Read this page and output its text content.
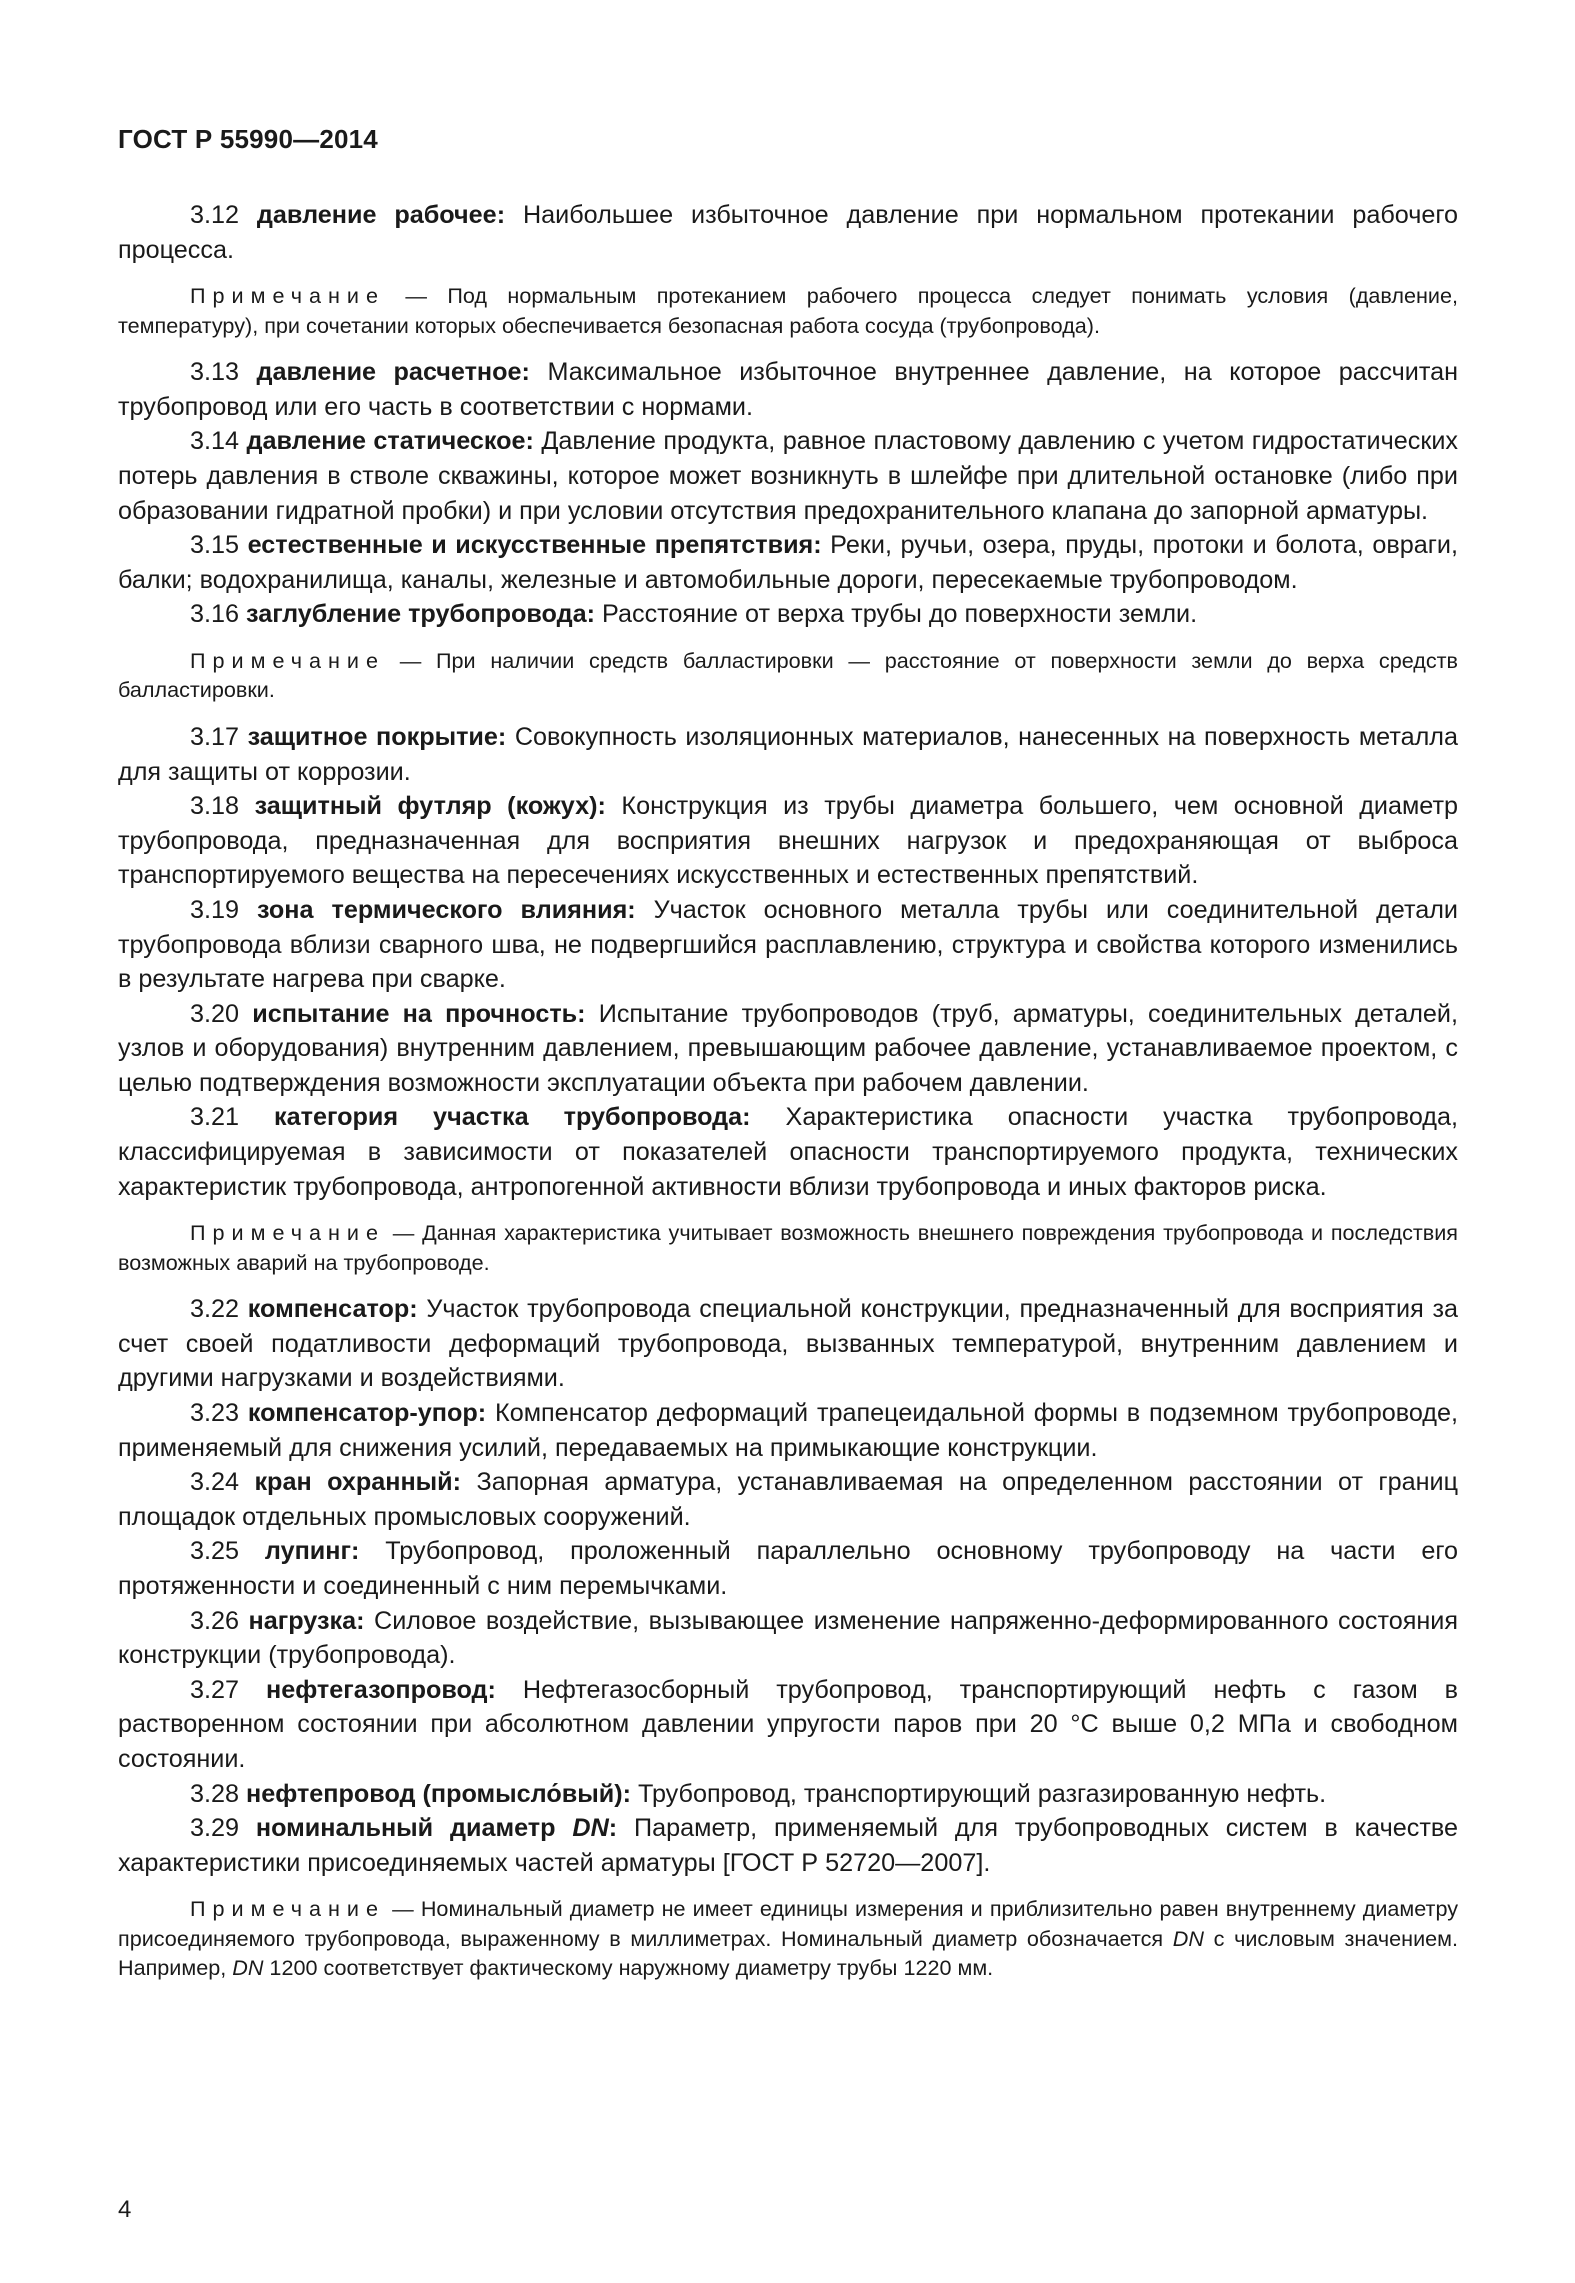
ГОСТ Р 55990—2014

3.12 давление рабочее: Наибольшее избыточное давление при нормальном протекании рабочего процесса.

Примечание — Под нормальным протеканием рабочего процесса следует понимать условия (давление, температуру), при сочетании которых обеспечивается безопасная работа сосуда (трубопровода).

3.13 давление расчетное: Максимальное избыточное внутреннее давление, на которое рассчитан трубопровод или его часть в соответствии с нормами.

3.14 давление статическое: Давление продукта, равное пластовому давлению с учетом гидростатических потерь давления в стволе скважины, которое может возникнуть в шлейфе при длительной остановке (либо при образовании гидратной пробки) и при условии отсутствия предохранительного клапана до запорной арматуры.

3.15 естественные и искусственные препятствия: Реки, ручьи, озера, пруды, протоки и болота, овраги, балки; водохранилища, каналы, железные и автомобильные дороги, пересекаемые трубопроводом.

3.16 заглубление трубопровода: Расстояние от верха трубы до поверхности земли.

Примечание — При наличии средств балластировки — расстояние от поверхности земли до верха средств балластировки.

3.17 защитное покрытие: Совокупность изоляционных материалов, нанесенных на поверхность металла для защиты от коррозии.

3.18 защитный футляр (кожух): Конструкция из трубы диаметра большего, чем основной диаметр трубопровода, предназначенная для восприятия внешних нагрузок и предохраняющая от выброса транспортируемого вещества на пересечениях искусственных и естественных препятствий.

3.19 зона термического влияния: Участок основного металла трубы или соединительной детали трубопровода вблизи сварного шва, не подвергшийся расплавлению, структура и свойства которого изменились в результате нагрева при сварке.

3.20 испытание на прочность: Испытание трубопроводов (труб, арматуры, соединительных деталей, узлов и оборудования) внутренним давлением, превышающим рабочее давление, устанавливаемое проектом, с целью подтверждения возможности эксплуатации объекта при рабочем давлении.

3.21 категория участка трубопровода: Характеристика опасности участка трубопровода, классифицируемая в зависимости от показателей опасности транспортируемого продукта, технических характеристик трубопровода, антропогенной активности вблизи трубопровода и иных факторов риска.

Примечание — Данная характеристика учитывает возможность внешнего повреждения трубопровода и последствия возможных аварий на трубопроводе.

3.22 компенсатор: Участок трубопровода специальной конструкции, предназначенный для восприятия за счет своей податливости деформаций трубопровода, вызванных температурой, внутренним давлением и другими нагрузками и воздействиями.

3.23 компенсатор-упор: Компенсатор деформаций трапецеидальной формы в подземном трубопроводе, применяемый для снижения усилий, передаваемых на примыкающие конструкции.

3.24 кран охранный: Запорная арматура, устанавливаемая на определенном расстоянии от границ площадок отдельных промысловых сооружений.

3.25 лупинг: Трубопровод, проложенный параллельно основному трубопроводу на части его протяженности и соединенный с ним перемычками.

3.26 нагрузка: Силовое воздействие, вызывающее изменение напряженно-деформированного состояния конструкции (трубопровода).

3.27 нефтегазопровод: Нефтегазосборный трубопровод, транспортирующий нефть с газом в растворенном состоянии при абсолютном давлении упругости паров при 20 °С выше 0,2 МПа и свободном состоянии.

3.28 нефтепровод (промысло́вый): Трубопровод, транспортирующий разгазированную нефть.

3.29 номинальный диаметр DN: Параметр, применяемый для трубопроводных систем в качестве характеристики присоединяемых частей арматуры [ГОСТ Р 52720—2007].

Примечание — Номинальный диаметр не имеет единицы измерения и приблизительно равен внутреннему диаметру присоединяемого трубопровода, выраженному в миллиметрах. Номинальный диаметр обозначается DN с числовым значением. Например, DN 1200 соответствует фактическому наружному диаметру трубы 1220 мм.

4
